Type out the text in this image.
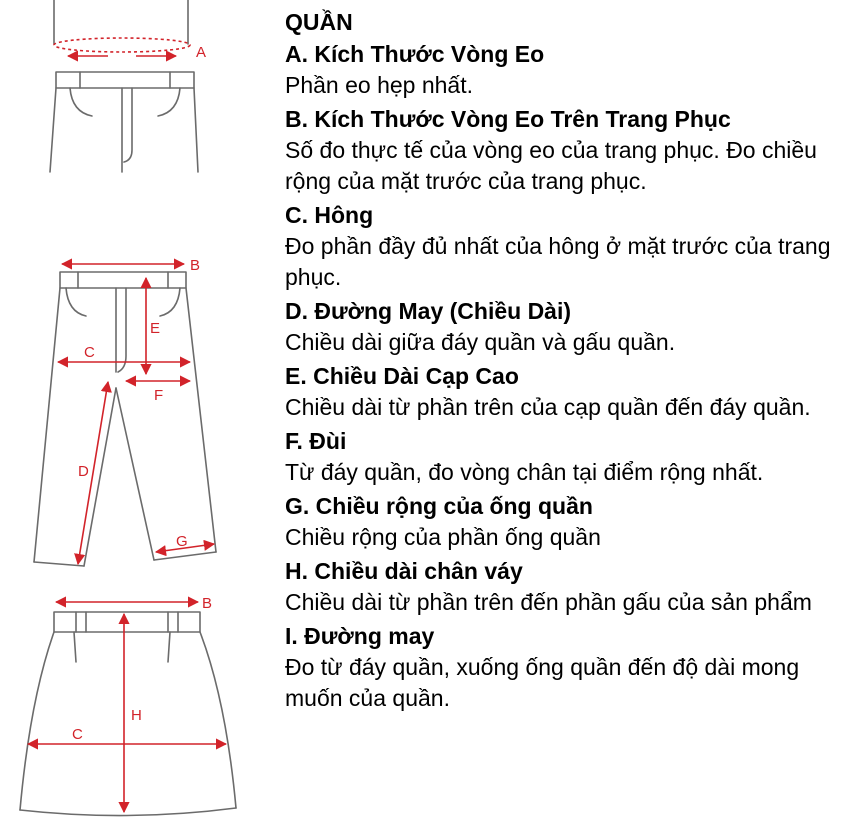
A
B
C
D
E
F
G
B
C
H
QUẦN
A. Kích Thước Vòng Eo

Phần eo hẹp nhất.

B. Kích Thước Vòng Eo Trên Trang Phục

Số đo thực tế của vòng eo của trang phục. Đo chiều rộng của mặt trước của trang phục.

C. Hông

Đo phần đầy đủ nhất của hông ở mặt trước của trang phục.

D. Đường May (Chiều Dài)

Chiều dài giữa đáy quần và gấu quần.

E. Chiều Dài Cạp Cao

Chiều dài từ phần trên của cạp quần đến đáy quần.

F. Đùi

Từ đáy quần, đo vòng chân tại điểm rộng nhất.

G. Chiều rộng của ống quần

Chiều rộng của phần ống quần

H. Chiều dài chân váy

Chiều dài từ phần trên đến phần gấu của sản phẩm

I. Đường may

Đo từ đáy quần, xuống ống quần đến độ dài mong muốn của quần.
